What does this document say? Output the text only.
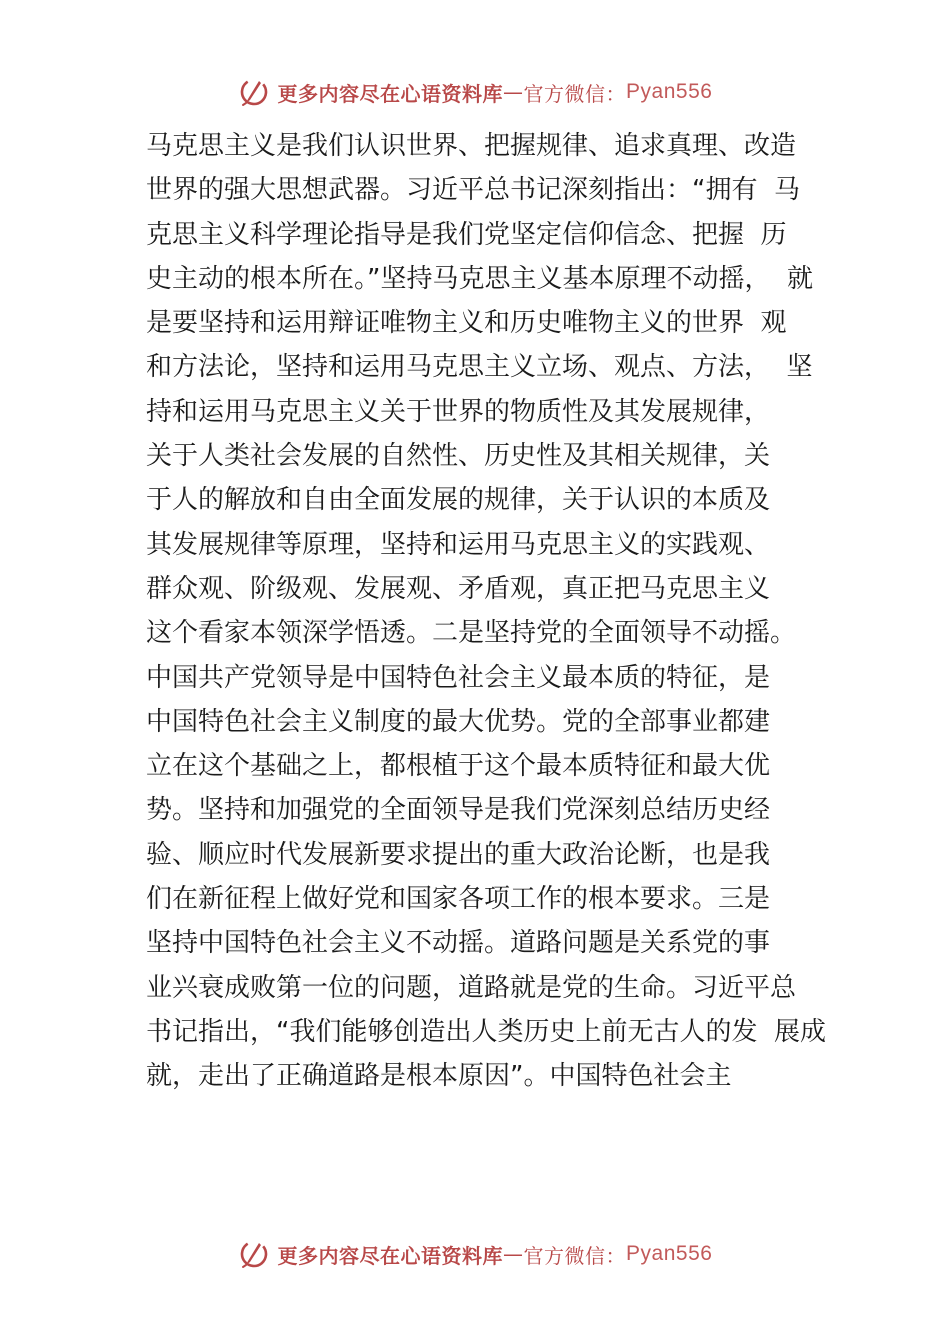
更多内容尽在心语资料库 — 官方微信： Pyan556
马克思主义是我们认识世界、把握规律、追求真理、改造
世界的强大思想武器。习近平总书记深刻指出：“拥有  马
克思主义科学理论指导是我们党坚定信仰信念、把握  历
史主动的根本所在。”坚持马克思主义基本原理不动摇，  就
是要坚持和运用辩证唯物主义和历史唯物主义的世界  观
和方法论，坚持和运用马克思主义立场、观点、方法，  坚
持和运用马克思主义关于世界的物质性及其发展规律，
关于人类社会发展的自然性、历史性及其相关规律，关
于人的解放和自由全面发展的规律，关于认识的本质及
其发展规律等原理，坚持和运用马克思主义的实践观、
群众观、阶级观、发展观、矛盾观，真正把马克思主义
这个看家本领深学悟透。二是坚持党的全面领导不动摇。
中国共产党领导是中国特色社会主义最本质的特征，是
中国特色社会主义制度的最大优势。党的全部事业都建
立在这个基础之上，都根植于这个最本质特征和最大优
势。坚持和加强党的全面领导是我们党深刻总结历史经
验、顺应时代发展新要求提出的重大政治论断，也是我
们在新征程上做好党和国家各项工作的根本要求。三是
坚持中国特色社会主义不动摇。道路问题是关系党的事
业兴衰成败第一位的问题，道路就是党的生命。习近平总
书记指出，“我们能够创造出人类历史上前无古人的发  展成
就，走出了正确道路是根本原因”。中国特色社会主
更多内容尽在心语资料库 — 官方微信： Pyan556
